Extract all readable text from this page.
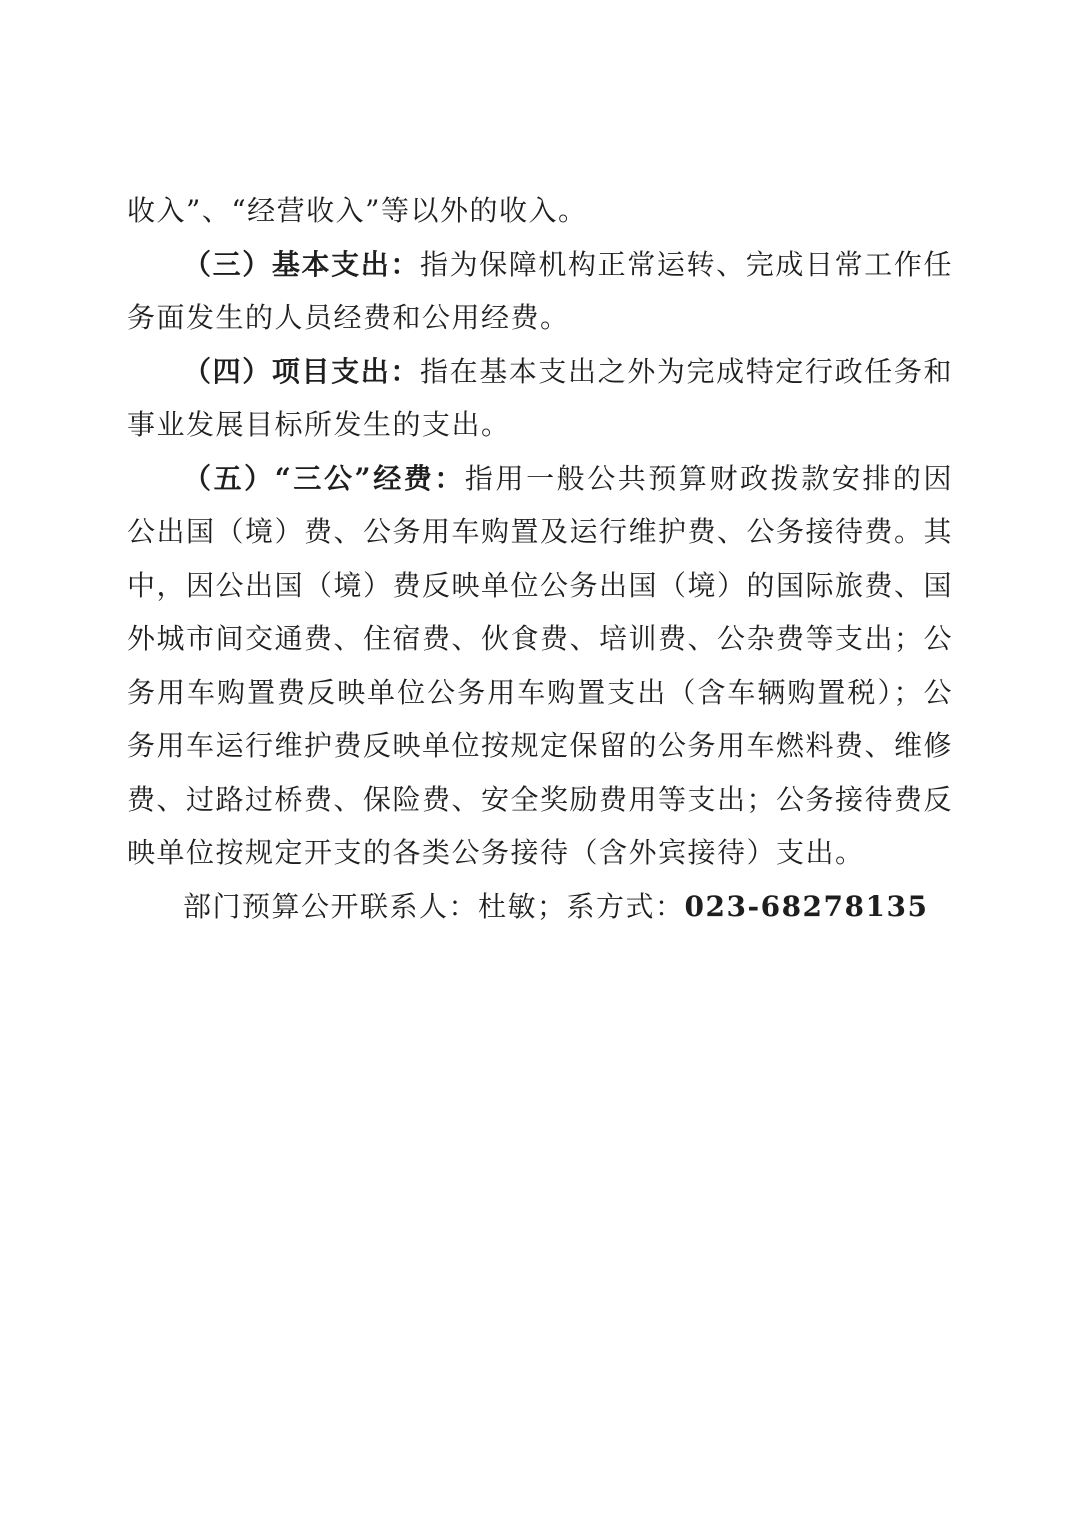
收入”、“经营收入”等以外的收入。

（三）基本支出：指为保障机构正常运转、完成日常工作任务面发生的人员经费和公用经费。

（四）项目支出：指在基本支出之外为完成特定行政任务和事业发展目标所发生的支出。

（五）“三公”经费：指用一般公共预算财政拨款安排的因公出国（境）费、公务用车购置及运行维护费、公务接待费。其中，因公出国（境）费反映单位公务出国（境）的国际旅费、国外城市间交通费、住宿费、伙食费、培训费、公杂费等支出；公务用车购置费反映单位公务用车购置支出（含车辆购置税）；公务用车运行维护费反映单位按规定保留的公务用车燃料费、维修费、过路过桥费、保险费、安全奖励费用等支出；公务接待费反映单位按规定开支的各类公务接待（含外宾接待）支出。

部门预算公开联系人：杜敏；系方式：023-68278135
